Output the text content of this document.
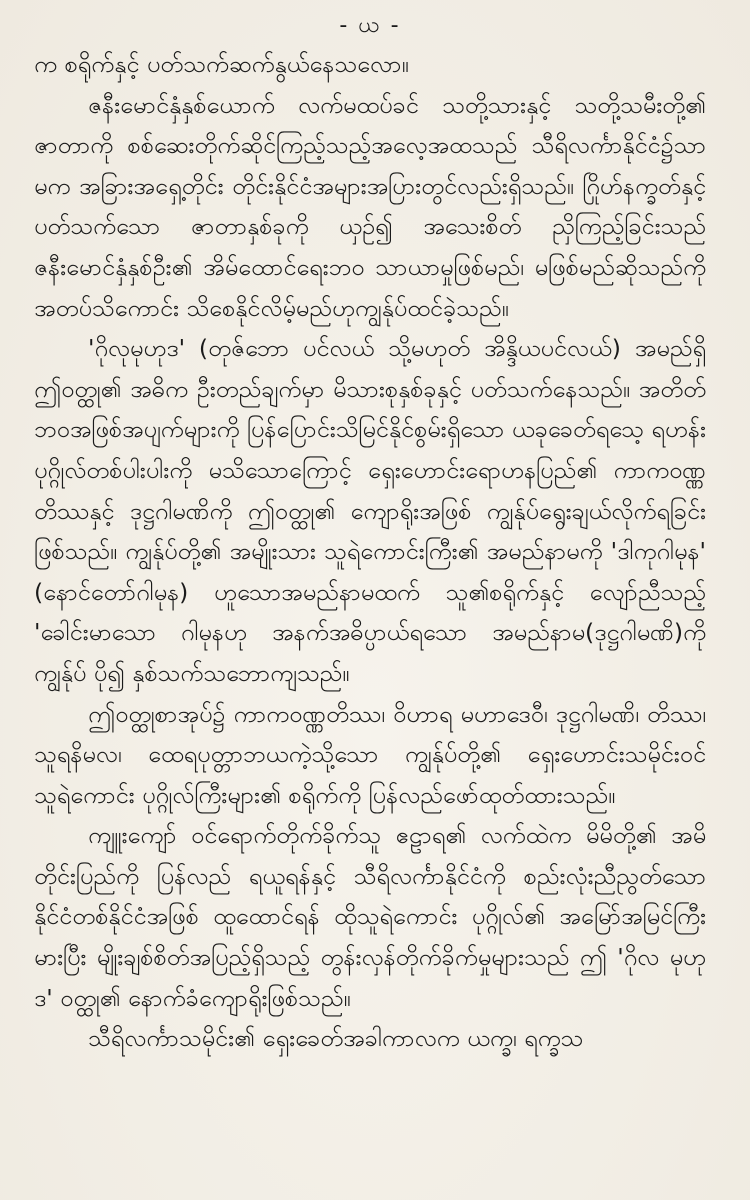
- ယ -

က စရိုက်နှင့် ပတ်သက်ဆက်နွယ်နေသလော။

ဇနီးမောင်နှံနှစ်ယောက် လက်မထပ်ခင် သတို့သားနှင့် သတို့သမီးတို့၏ ဇာတာကို စစ်ဆေးတိုက်ဆိုင်ကြည့်သည့်အလေ့အထသည် သီရိလင်္ကာနိုင်ငံ၌သာမက အခြားအရှေ့တိုင်း တိုင်းနိုင်ငံအများအပြားတွင်လည်းရှိသည်။ ဂြိုဟ်နက္ခတ်နှင့်ပတ်သက်သော ဇာတာနှစ်ခုကို ယှဉ်၍ အသေးစိတ် ညှိကြည့်ခြင်းသည် ဇနီးမောင်နှံနှစ်ဦး၏ အိမ်ထောင်ရေးဘဝ သာယာမှုဖြစ်မည်၊ မဖြစ်မည်ဆိုသည်ကို အတပ်သိကောင်း သိစေနိုင်လိမ့်မည်ဟုကျွန်ုပ်ထင်ခဲ့သည်။

'ဂိုလုမုဟုဒ' (တုဇ်ဘော ပင်လယ် သို့မဟုတ် အိန္ဒိယပင်လယ်) အမည်ရှိ ဤဝတ္ထု၏ အဓိက ဦးတည်ချက်မှာ မိသားစုနှစ်ခုနှင့် ပတ်သက်နေသည်။ အတိတ်ဘဝအဖြစ်အပျက်များကို ပြန်ပြောင်းသိမြင်နိုင်စွမ်းရှိသော ယခုခေတ်ရသေ့ ရဟန်းပုဂ္ဂိုလ်တစ်ပါးပါးကို မသိသောကြောင့် ရှေးဟောင်းရောဟနပြည်၏ ကာကဝဏ္ဏတိဿနှင့် ဒုဋ္ဌဂါမဏိကို ဤဝတ္ထု၏ ကျောရိုးအဖြစ် ကျွန်ုပ်ရွေးချယ်လိုက်ရခြင်းဖြစ်သည်။ ကျွန်ုပ်တို့၏ အမျိုးသား သူရဲကောင်းကြီး၏ အမည်နာမကို 'ဒါကုဂါမုန' (နောင်တော်ဂါမုန) ဟူသောအမည်နာမထက် သူ၏စရိုက်နှင့် လျော်ညီသည့် 'ခေါင်းမာသော ဂါမုနဟု အနက်အဓိပ္ပာယ်ရသော အမည်နာမ(ဒုဋ္ဌဂါမဏိ)ကို ကျွန်ုပ် ပို၍ နှစ်သက်သဘောကျသည်။

ဤဝတ္ထုစာအုပ်၌ ကာကဝဏ္ဏတိဿ၊ ဝိဟာရ မဟာဒေဝီ၊ ဒုဋ္ဌဂါမဏိ၊ တိဿ၊ သူရနိမလ၊ ထေရပုတ္တာဘယကဲ့သို့သော ကျွန်ုပ်တို့၏ ရှေးဟောင်းသမိုင်းဝင် သူရဲကောင်း ပုဂ္ဂိုလ်ကြီးများ၏ စရိုက်ကို ပြန်လည်ဖော်ထုတ်ထားသည်။

ကျူးကျော် ဝင်ရောက်တိုက်ခိုက်သူ ဧဠာရ၏ လက်ထဲက မိမိတို့၏ အမိတိုင်းပြည်ကို ပြန်လည် ရယူရန်နှင့် သီရိလင်္ကာနိုင်ငံကို စည်းလုံးညီညွတ်သော နိုင်ငံတစ်နိုင်ငံအဖြစ် ထူထောင်ရန် ထိုသူရဲကောင်း ပုဂ္ဂိုလ်၏ အမြော်အမြင်ကြီးမားပြီး မျိုးချစ်စိတ်အပြည့်ရှိသည့် တွန်းလှန်တိုက်ခိုက်မှုများသည် ဤ 'ဂိုလ မုဟုဒ' ဝတ္ထု၏ နောက်ခံကျောရိုးဖြစ်သည်။

သီရိလင်္ကာသမိုင်း၏ ရှေးခေတ်အခါကာလက ယက္ခ၊ ရက္ခသ
